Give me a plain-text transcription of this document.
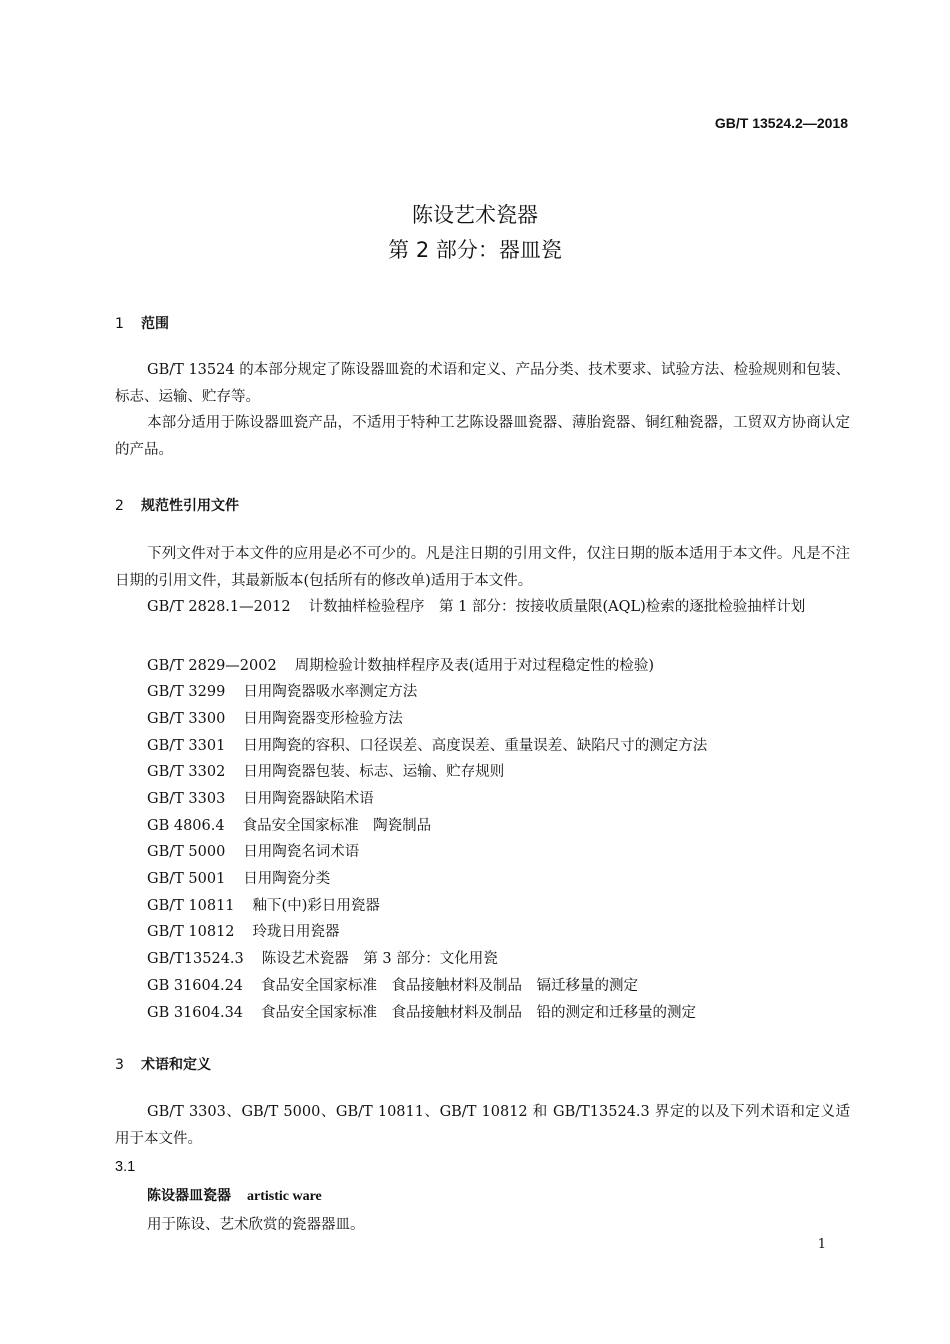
GB/T 13524.2—2018
陈设艺术瓷器
第 2 部分：器皿瓷
1 范围
GB/T 13524 的本部分规定了陈设器皿瓷的术语和定义、产品分类、技术要求、试验方法、检验规则和包装、标志、运输、贮存等。
本部分适用于陈设器皿瓷产品，不适用于特种工艺陈设器皿瓷器、薄胎瓷器、铜红釉瓷器，工贸双方协商认定的产品。
2 规范性引用文件
下列文件对于本文件的应用是必不可少的。凡是注日期的引用文件，仅注日期的版本适用于本文件。凡是不注日期的引用文件，其最新版本(包括所有的修改单)适用于本文件。
GB/T 2828.1—2012 计数抽样检验程序　第 1 部分：按接收质量限(AQL)检索的逐批检验抽样计划
GB/T 2829—2002 周期检验计数抽样程序及表(适用于对过程稳定性的检验)
GB/T 3299 日用陶瓷器吸水率测定方法
GB/T 3300 日用陶瓷器变形检验方法
GB/T 3301 日用陶瓷的容积、口径误差、高度误差、重量误差、缺陷尺寸的测定方法
GB/T 3302 日用陶瓷器包装、标志、运输、贮存规则
GB/T 3303 日用陶瓷器缺陷术语
GB 4806.4 食品安全国家标准　陶瓷制品
GB/T 5000 日用陶瓷名词术语
GB/T 5001 日用陶瓷分类
GB/T 10811 釉下(中)彩日用瓷器
GB/T 10812 玲珑日用瓷器
GB/T13524.3 陈设艺术瓷器　第 3 部分：文化用瓷
GB 31604.24 食品安全国家标准　食品接触材料及制品　镉迁移量的测定
GB 31604.34 食品安全国家标准　食品接触材料及制品　铅的测定和迁移量的测定
3 术语和定义
GB/T 3303、GB/T 5000、GB/T 10811、GB/T 10812 和 GB/T13524.3 界定的以及下列术语和定义适用于本文件。
3.1
陈设器皿瓷器 artistic ware
用于陈设、艺术欣赏的瓷器器皿。
1
